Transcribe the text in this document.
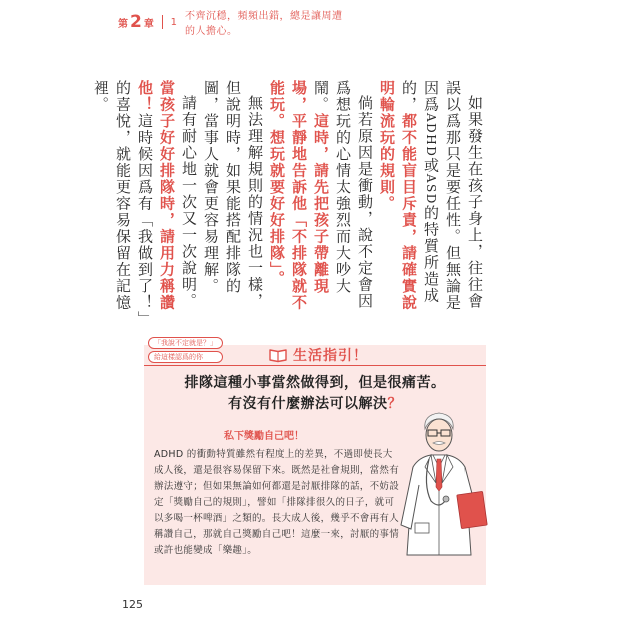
第 2 章 1 不齊沉穩，頻頻出錯，總是讓周遭的人擔心。

如果發生在孩子身上，往往會誤以爲那只是要任性。但無論是因爲ADHD或ASD的特質所造成的，都不能盲目斥責，請確實說明輪流玩的規則。

倘若原因是衝動，說不定會因爲想玩的心情太強烈而大吵大鬧。這時，請先把孩子帶離現場，平靜地告訴他「不排隊就不能玩。想玩就要好好排隊」。

無法理解規則的情況也一樣，但說明時，如果能搭配排隊的圖，當事人就會更容易理解。

請有耐心地一次又一次說明。當孩子好好排隊時，請用力稱讚他！這時候因爲有「我做到了！」的喜悅，就能更容易保留在記憶裡。

「我說不定就是？」
給這樣認爲的你	生活指引！
排隊這種小事當然做得到，但是很痛苦。
有沒有什麼辦法可以解決？
私下獎勵自己吧！
ADHD 的衝動特質雖然有程度上的差異，不過即使長大成人後，還是很容易保留下來。既然是社會規則，當然有辦法遵守；但如果無論如何都還是討厭排隊的話，不妨設定「獎勵自己的規則」，譬如「排隊排很久的日子，就可以多喝一杯啤酒」之類的。長大成人後，幾乎不會再有人稱讚自己，那就自己獎勵自己吧！這麼一來，討厭的事情或許也能變成「樂趣」。
125
